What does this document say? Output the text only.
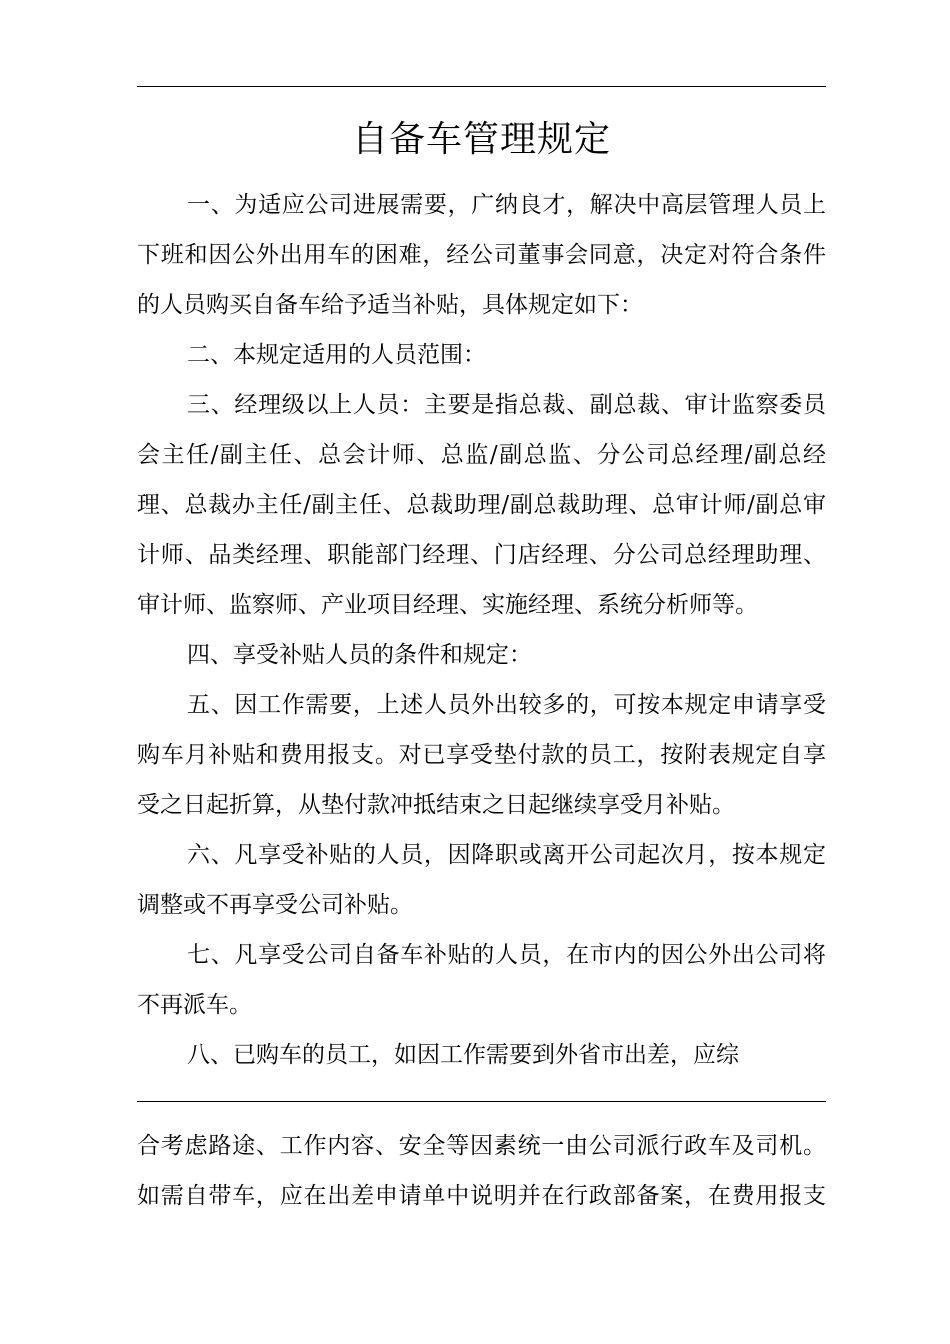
自备车管理规定
一、为适应公司进展需要，广纳良才，解决中高层管理人员上
下班和因公外出用车的困难，经公司董事会同意，决定对符合条件
的人员购买自备车给予适当补贴，具体规定如下：
二、本规定适用的人员范围：
三、经理级以上人员：主要是指总裁、副总裁、审计监察委员
会主任/副主任、总会计师、总监/副总监、分公司总经理/副总经
理、总裁办主任/副主任、总裁助理/副总裁助理、总审计师/副总审
计师、品类经理、职能部门经理、门店经理、分公司总经理助理、
审计师、监察师、产业项目经理、实施经理、系统分析师等。
四、享受补贴人员的条件和规定：
五、因工作需要，上述人员外出较多的，可按本规定申请享受
购车月补贴和费用报支。对已享受垫付款的员工，按附表规定自享
受之日起折算，从垫付款冲抵结束之日起继续享受月补贴。
六、凡享受补贴的人员，因降职或离开公司起次月，按本规定
调整或不再享受公司补贴。
七、凡享受公司自备车补贴的人员，在市内的因公外出公司将
不再派车。
八、已购车的员工，如因工作需要到外省市出差，应综
合考虑路途、工作内容、安全等因素统一由公司派行政车及司机。
如需自带车，应在出差申请单中说明并在行政部备案，在费用报支
